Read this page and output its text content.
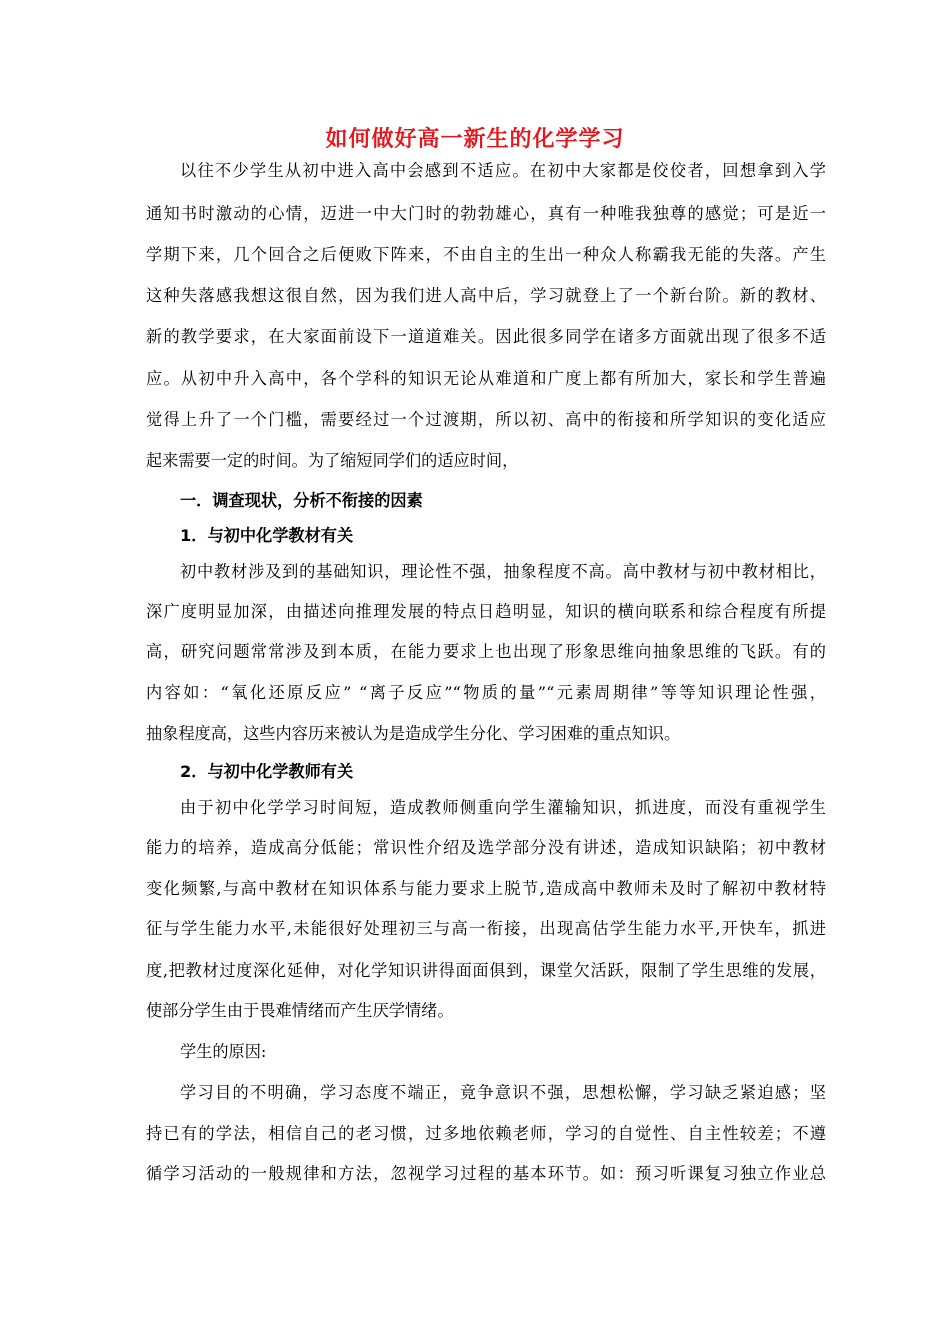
如何做好高一新生的化学学习
以往不少学生从初中进入高中会感到不适应。在初中大家都是佼佼者，回想拿到入学
通知书时激动的心情，迈进一中大门时的勃勃雄心，真有一种唯我独尊的感觉；可是近一
学期下来，几个回合之后便败下阵来，不由自主的生出一种众人称霸我无能的失落。产生
这种失落感我想这很自然，因为我们进人高中后，学习就登上了一个新台阶。新的教材、
新的教学要求，在大家面前设下一道道难关。因此很多同学在诸多方面就出现了很多不适
应。从初中升入高中，各个学科的知识无论从难道和广度上都有所加大，家长和学生普遍
觉得上升了一个门槛，需要经过一个过渡期，所以初、高中的衔接和所学知识的变化适应
起来需要一定的时间。为了缩短同学们的适应时间，
一．调查现状，分析不衔接的因素
1．与初中化学教材有关
初中教材涉及到的基础知识，理论性不强，抽象程度不高。高中教材与初中教材相比，
深广度明显加深，由描述向推理发展的特点日趋明显，知识的横向联系和综合程度有所提
高，研究问题常常涉及到本质，在能力要求上也出现了形象思维向抽象思维的飞跃。有的
内容如：“氧化还原反应” “离子反应”“物质的量”“元素周期律”等等知识理论性强，
抽象程度高，这些内容历来被认为是造成学生分化、学习困难的重点知识。
2．与初中化学教师有关
由于初中化学学习时间短，造成教师侧重向学生灌输知识，抓进度，而没有重视学生
能力的培养，造成高分低能；常识性介绍及选学部分没有讲述，造成知识缺陷；初中教材
变化频繁,与高中教材在知识体系与能力要求上脱节,造成高中教师未及时了解初中教材特
征与学生能力水平,未能很好处理初三与高一衔接，出现高估学生能力水平,开快车，抓进
度,把教材过度深化延伸，对化学知识讲得面面俱到，课堂欠活跃，限制了学生思维的发展，
使部分学生由于畏难情绪而产生厌学情绪。
学生的原因:
学习目的不明确，学习态度不端正，竟争意识不强，思想松懈，学习缺乏紧迫感；坚
持已有的学法，相信自己的老习惯，过多地依赖老师，学习的自觉性、自主性较差；不遵
循学习活动的一般规律和方法，忽视学习过程的基本环节。如：预习听课复习独立作业总
